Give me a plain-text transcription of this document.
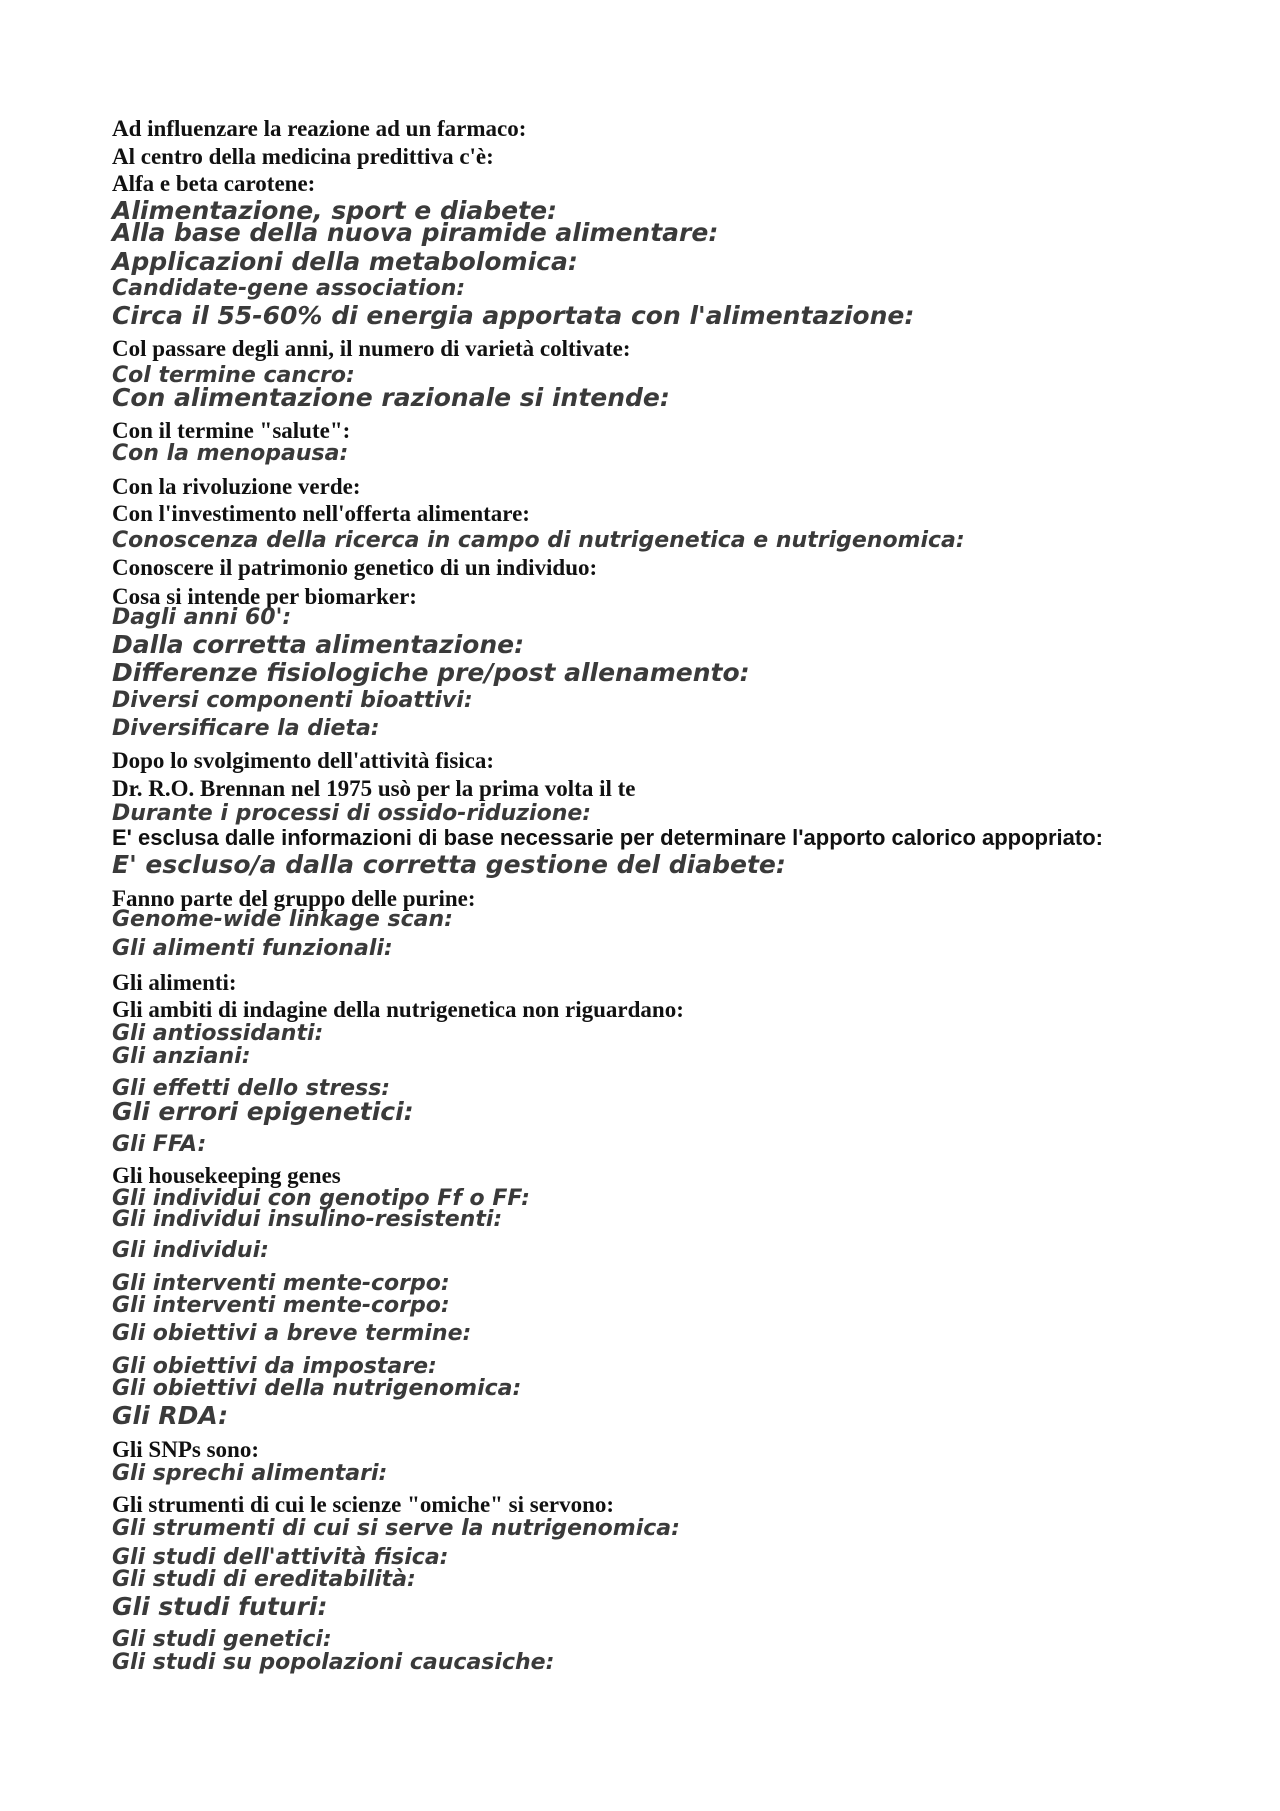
Ad influenzare la reazione ad un farmaco:

Al centro della medicina predittiva c'è:

Alfa e beta carotene:

Alimentazione, sport e diabete:

Alla base della nuova piramide alimentare:

Applicazioni della metabolomica:

Candidate-gene association:

Circa il 55-60% di energia apportata con l'alimentazione:

Col passare degli anni, il numero di varietà coltivate:

Col termine cancro:

Con alimentazione razionale si intende:

Con il termine "salute":

Con la menopausa:

Con la rivoluzione verde:

Con l'investimento nell'offerta alimentare:

Conoscenza della ricerca in campo di nutrigenetica e nutrigenomica:

Conoscere il patrimonio genetico di un individuo:

Cosa si intende per biomarker:

Dagli anni 60':

Dalla corretta alimentazione:

Differenze fisiologiche pre/post allenamento:

Diversi componenti bioattivi:

Diversificare la dieta:

Dopo lo svolgimento dell'attività fisica:

Dr. R.O. Brennan nel 1975 usò per la prima volta il te

Durante i processi di ossido-riduzione:

E' esclusa dalle informazioni di base necessarie per determinare l'apporto calorico appopriato:

E' escluso/a dalla corretta gestione del diabete:

Fanno parte del gruppo delle purine:

Genome-wide linkage scan:

Gli alimenti funzionali:

Gli alimenti:

Gli ambiti di indagine della nutrigenetica non riguardano:

Gli antiossidanti:

Gli anziani:

Gli effetti dello stress:

Gli errori epigenetici:

Gli FFA:

Gli housekeeping genes

Gli individui con genotipo Ff o FF:

Gli individui insulino-resistenti:

Gli individui:

Gli interventi mente-corpo:

Gli interventi mente-corpo:

Gli obiettivi a breve termine:

Gli obiettivi da impostare:

Gli obiettivi della nutrigenomica:

Gli RDA:

Gli SNPs sono:

Gli sprechi alimentari:

Gli strumenti di cui le scienze "omiche" si servono:

Gli strumenti di cui si serve la nutrigenomica:

Gli studi dell'attività fisica:

Gli studi di ereditabilità:

Gli studi futuri:

Gli studi genetici:

Gli studi su popolazioni caucasiche:
